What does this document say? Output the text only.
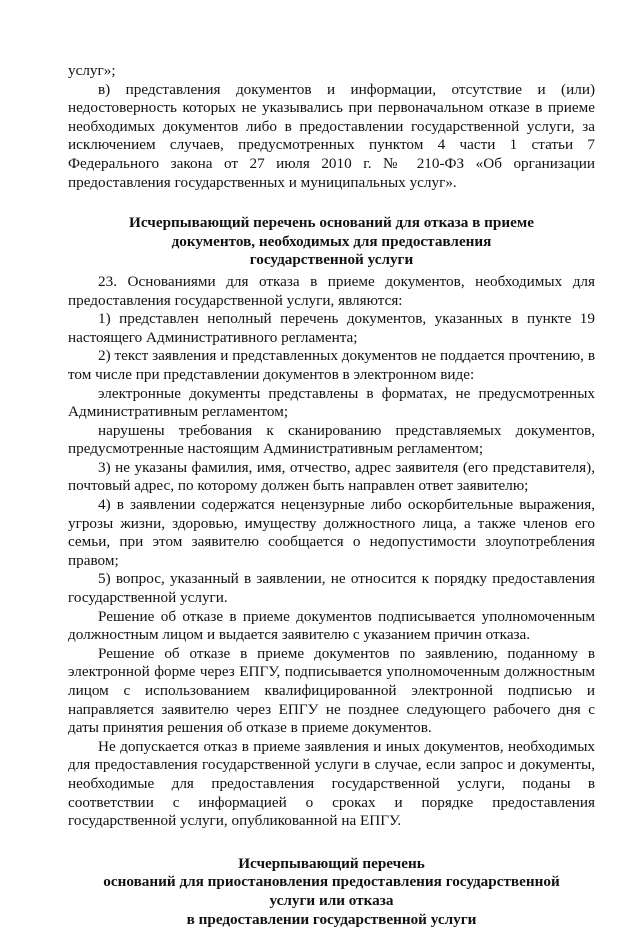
услуг»;

в) представления документов и информации, отсутствие и (или) недостоверность которых не указывались при первоначальном отказе в приеме необходимых документов либо в предоставлении государственной услуги, за исключением случаев, предусмотренных пунктом 4 части 1 статьи 7 Федерального закона от 27 июля 2010 г. № 210-ФЗ «Об организации предоставления государственных и муниципальных услуг».

Исчерпывающий перечень оснований для отказа в приеме
документов, необходимых для предоставления
государственной услуги

23. Основаниями для отказа в приеме документов, необходимых для предоставления государственной услуги, являются:

1) представлен неполный перечень документов, указанных в пункте 19 настоящего Административного регламента;

2) текст заявления и представленных документов не поддается прочтению, в том числе при представлении документов в электронном виде:

электронные документы представлены в форматах, не предусмотренных Административным регламентом;

нарушены требования к сканированию представляемых документов, предусмотренные настоящим Административным регламентом;

3) не указаны фамилия, имя, отчество, адрес заявителя (его представителя), почтовый адрес, по которому должен быть направлен ответ заявителю;

4) в заявлении содержатся нецензурные либо оскорбительные выражения, угрозы жизни, здоровью, имуществу должностного лица, а также членов его семьи, при этом заявителю сообщается о недопустимости злоупотребления правом;

5) вопрос, указанный в заявлении, не относится к порядку предоставления государственной услуги.

Решение об отказе в приеме документов подписывается уполномоченным должностным лицом и выдается заявителю с указанием причин отказа.

Решение об отказе в приеме документов по заявлению, поданному в электронной форме через ЕПГУ, подписывается уполномоченным должностным лицом с использованием квалифицированной электронной подписью и направляется заявителю через ЕПГУ не позднее следующего рабочего дня с даты принятия решения об отказе в приеме документов.

Не допускается отказ в приеме заявления и иных документов, необходимых для предоставления государственной услуги в случае, если запрос и документы, необходимые для предоставления государственной услуги, поданы в соответствии с информацией о сроках и порядке предоставления государственной услуги, опубликованной на ЕПГУ.

Исчерпывающий перечень
оснований для приостановления предоставления государственной
услуги или отказа
в предоставлении государственной услуги
